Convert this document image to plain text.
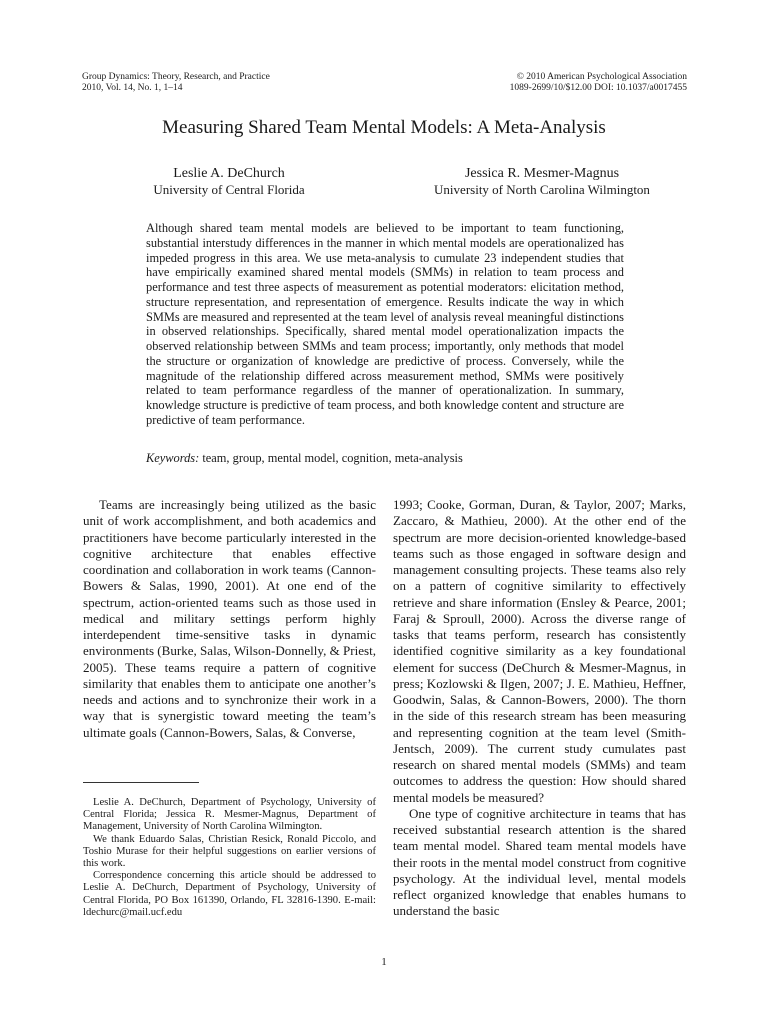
Group Dynamics: Theory, Research, and Practice
2010, Vol. 14, No. 1, 1–14
© 2010 American Psychological Association
1089-2699/10/$12.00 DOI: 10.1037/a0017455
Measuring Shared Team Mental Models: A Meta-Analysis
Leslie A. DeChurch
University of Central Florida
Jessica R. Mesmer-Magnus
University of North Carolina Wilmington
Although shared team mental models are believed to be important to team functioning, substantial interstudy differences in the manner in which mental models are operationalized has impeded progress in this area. We use meta-analysis to cumulate 23 independent studies that have empirically examined shared mental models (SMMs) in relation to team process and performance and test three aspects of measurement as potential moderators: elicitation method, structure representation, and representation of emergence. Results indicate the way in which SMMs are measured and represented at the team level of analysis reveal meaningful distinctions in observed relationships. Specifically, shared mental model operationalization impacts the observed relationship between SMMs and team process; importantly, only methods that model the structure or organization of knowledge are predictive of process. Conversely, while the magnitude of the relationship differed across measurement method, SMMs were positively related to team performance regardless of the manner of operationalization. In summary, knowledge structure is predictive of team process, and both knowledge content and structure are predictive of team performance.
Keywords: team, group, mental model, cognition, meta-analysis

Teams are increasingly being utilized as the basic unit of work accomplishment, and both academics and practitioners have become particularly interested in the cognitive architecture that enables effective coordination and collaboration in work teams (Cannon-Bowers & Salas, 1990, 2001). At one end of the spectrum, action-oriented teams such as those used in medical and military settings perform highly interdependent time-sensitive tasks in dynamic environments (Burke, Salas, Wilson-Donnelly, & Priest, 2005). These teams require a pattern of cognitive similarity that enables them to anticipate one another’s needs and actions and to synchronize their work in a way that is synergistic toward meeting the team’s ultimate goals (Cannon-Bowers, Salas, & Converse,

1993; Cooke, Gorman, Duran, & Taylor, 2007; Marks, Zaccaro, & Mathieu, 2000). At the other end of the spectrum are more decision-oriented knowledge-based teams such as those engaged in software design and management consulting projects. These teams also rely on a pattern of cognitive similarity to effectively retrieve and share information (Ensley & Pearce, 2001; Faraj & Sproull, 2000). Across the diverse range of tasks that teams perform, research has consistently identified cognitive similarity as a key foundational element for success (DeChurch & Mesmer-Magnus, in press; Kozlowski & Ilgen, 2007; J. E. Mathieu, Heffner, Goodwin, Salas, & Cannon-Bowers, 2000). The thorn in the side of this research stream has been measuring and representing cognition at the team level (Smith-Jentsch, 2009). The current study cumulates past research on shared mental models (SMMs) and team outcomes to address the question: How should shared mental models be measured?

One type of cognitive architecture in teams that has received substantial research attention is the shared team mental model. Shared team mental models have their roots in the mental model construct from cognitive psychology. At the individual level, mental models reflect organized knowledge that enables humans to understand the basic

Leslie A. DeChurch, Department of Psychology, University of Central Florida; Jessica R. Mesmer-Magnus, Department of Management, University of North Carolina Wilmington.

We thank Eduardo Salas, Christian Resick, Ronald Piccolo, and Toshio Murase for their helpful suggestions on earlier versions of this work.

Correspondence concerning this article should be addressed to Leslie A. DeChurch, Department of Psychology, University of Central Florida, PO Box 161390, Orlando, FL 32816-1390. E-mail: ldechurc@mail.ucf.edu

1
